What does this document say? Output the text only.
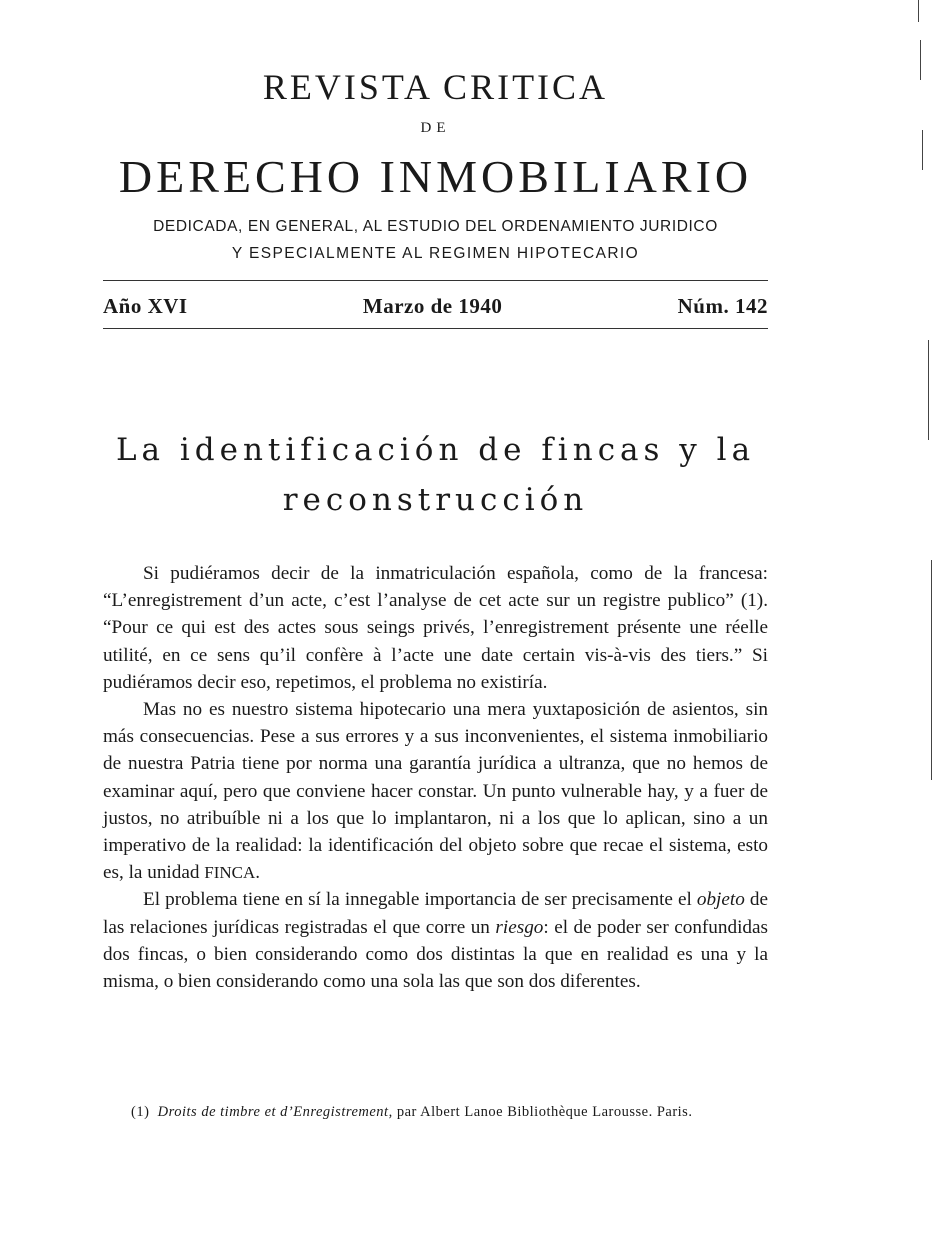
REVISTA CRITICA
DE
DERECHO INMOBILIARIO
DEDICADA, EN GENERAL, AL ESTUDIO DEL ORDENAMIENTO JURIDICO
Y ESPECIALMENTE AL REGIMEN HIPOTECARIO
Año XVI	Marzo de 1940	Núm. 142
La identificación de fincas y la
reconstrucción

Si pudiéramos decir de la inmatriculación española, como de la francesa: “L’enregistrement d’un acte, c’est l’analyse de cet acte sur un registre publico” (1). “Pour ce qui est des actes sous seings privés, l’enregistrement présente une réelle utilité, en ce sens qu’il confère à l’acte une date certain vis-à-vis des tiers.” Si pudiéramos decir eso, repetimos, el problema no existiría.

Mas no es nuestro sistema hipotecario una mera yuxtaposición de asientos, sin más consecuencias. Pese a sus errores y a sus inconvenientes, el sistema inmobiliario de nuestra Patria tiene por norma una garantía jurídica a ultranza, que no hemos de examinar aquí, pero que conviene hacer constar. Un punto vulnerable hay, y a fuer de justos, no atribuíble ni a los que lo implantaron, ni a los que lo aplican, sino a un imperativo de la realidad: la identificación del objeto sobre que recae el sistema, esto es, la unidad FINCA.

El problema tiene en sí la innegable importancia de ser precisamente el objeto de las relaciones jurídicas registradas el que corre un riesgo: el de poder ser confundidas dos fincas, o bien considerando como dos distintas la que en realidad es una y la misma, o bien considerando como una sola las que son dos diferentes.

(1) Droits de timbre et d’Enregistrement, par Albert Lanoe Bibliothèque Larousse. Paris.
